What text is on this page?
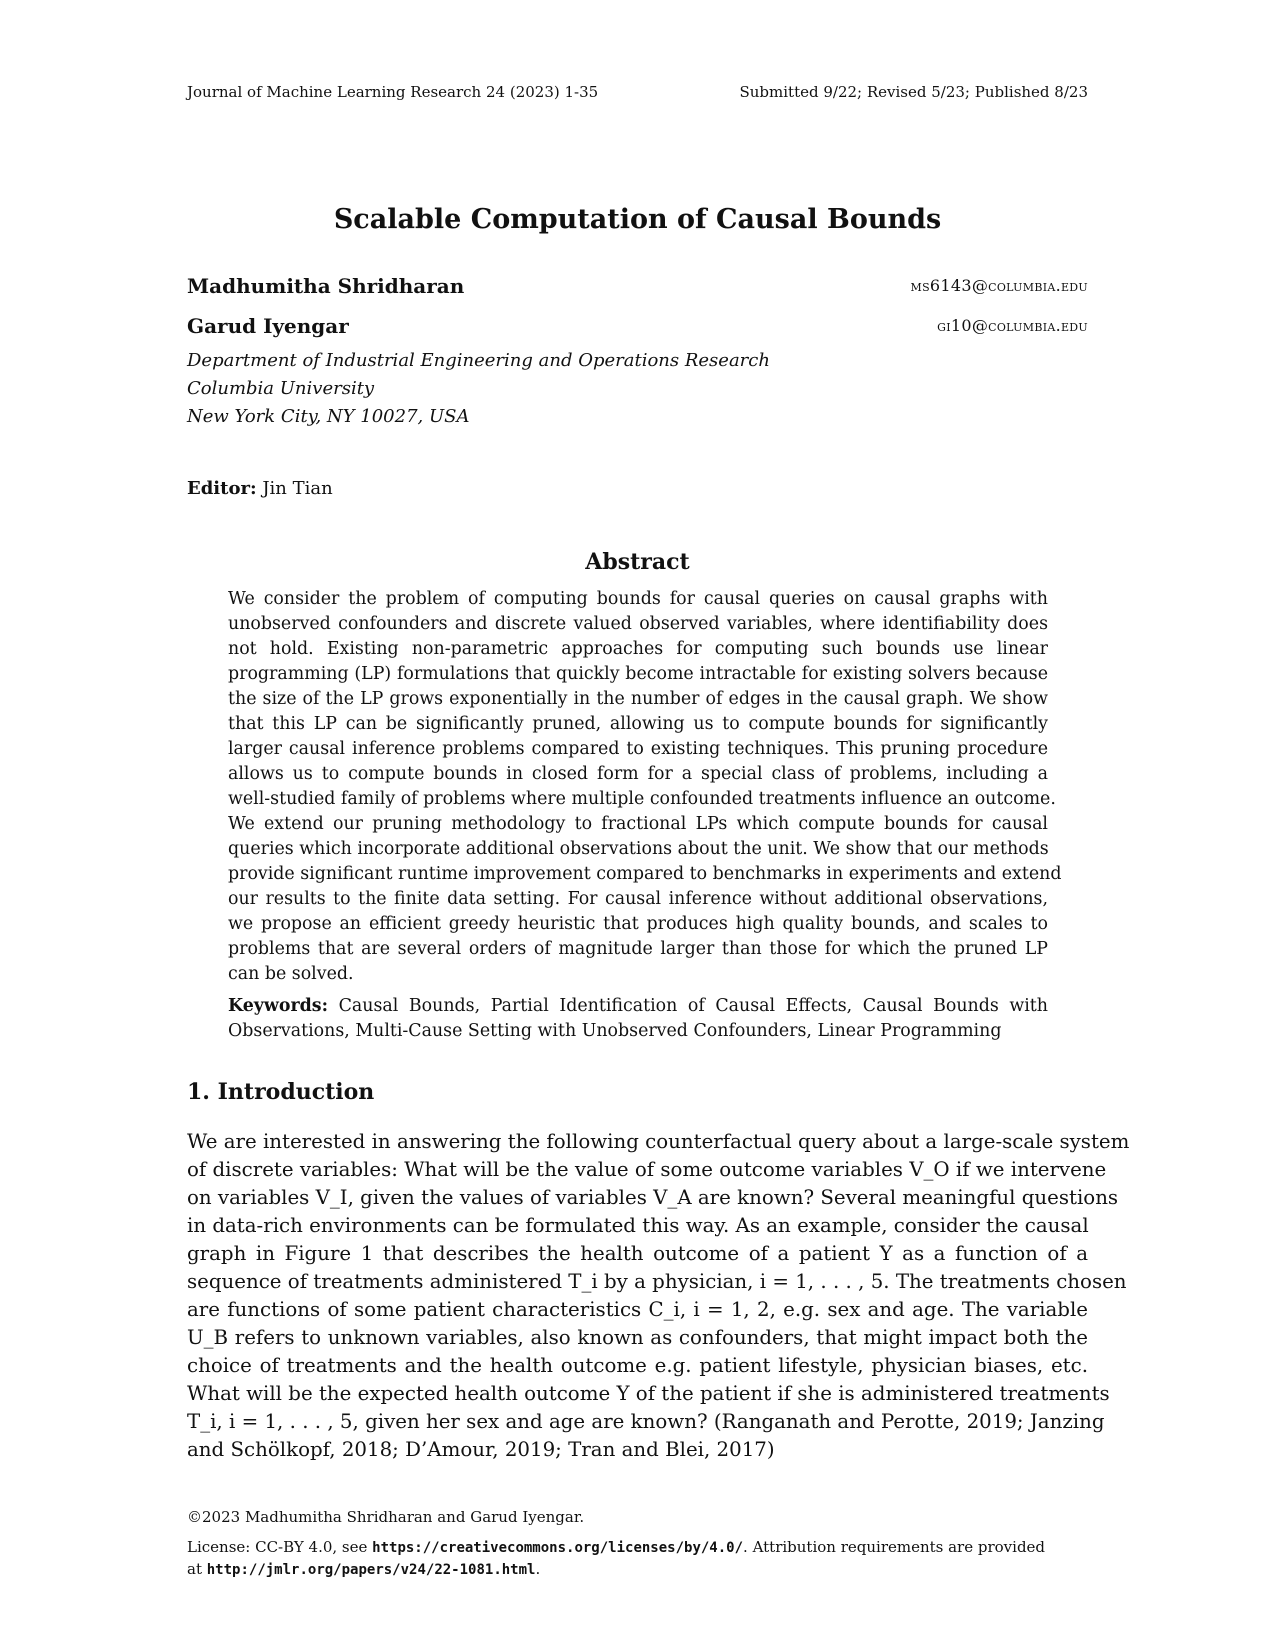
Journal of Machine Learning Research 24 (2023) 1-35	Submitted 9/22; Revised 5/23; Published 8/23
Scalable Computation of Causal Bounds
Madhumitha Shridharan	ms6143@columbia.edu
Garud Iyengar	gi10@columbia.edu
Department of Industrial Engineering and Operations Research
Columbia University
New York City, NY 10027, USA
Editor: Jin Tian
Abstract
We consider the problem of computing bounds for causal queries on causal graphs with
unobserved confounders and discrete valued observed variables, where identifiability does
not hold. Existing non-parametric approaches for computing such bounds use linear
programming (LP) formulations that quickly become intractable for existing solvers because
the size of the LP grows exponentially in the number of edges in the causal graph. We show
that this LP can be significantly pruned, allowing us to compute bounds for significantly
larger causal inference problems compared to existing techniques. This pruning procedure
allows us to compute bounds in closed form for a special class of problems, including a
well-studied family of problems where multiple confounded treatments influence an outcome.
We extend our pruning methodology to fractional LPs which compute bounds for causal
queries which incorporate additional observations about the unit. We show that our methods
provide significant runtime improvement compared to benchmarks in experiments and extend
our results to the finite data setting. For causal inference without additional observations,
we propose an efficient greedy heuristic that produces high quality bounds, and scales to
problems that are several orders of magnitude larger than those for which the pruned LP
can be solved.
Keywords: Causal Bounds, Partial Identification of Causal Effects, Causal Bounds with
Observations, Multi-Cause Setting with Unobserved Confounders, Linear Programming
1. Introduction
We are interested in answering the following counterfactual query about a large-scale system
of discrete variables: What will be the value of some outcome variables V_O if we intervene
on variables V_I, given the values of variables V_A are known? Several meaningful questions
in data-rich environments can be formulated this way. As an example, consider the causal
graph in Figure 1 that describes the health outcome of a patient Y as a function of a
sequence of treatments administered T_i by a physician, i = 1, . . . , 5. The treatments chosen
are functions of some patient characteristics C_i, i = 1, 2, e.g. sex and age. The variable
U_B refers to unknown variables, also known as confounders, that might impact both the
choice of treatments and the health outcome e.g. patient lifestyle, physician biases, etc.
What will be the expected health outcome Y of the patient if she is administered treatments
T_i, i = 1, . . . , 5, given her sex and age are known? (Ranganath and Perotte, 2019; Janzing
and Schölkopf, 2018; D’Amour, 2019; Tran and Blei, 2017)
©2023 Madhumitha Shridharan and Garud Iyengar.
License: CC-BY 4.0, see https://creativecommons.org/licenses/by/4.0/. Attribution requirements are provided
at http://jmlr.org/papers/v24/22-1081.html.
